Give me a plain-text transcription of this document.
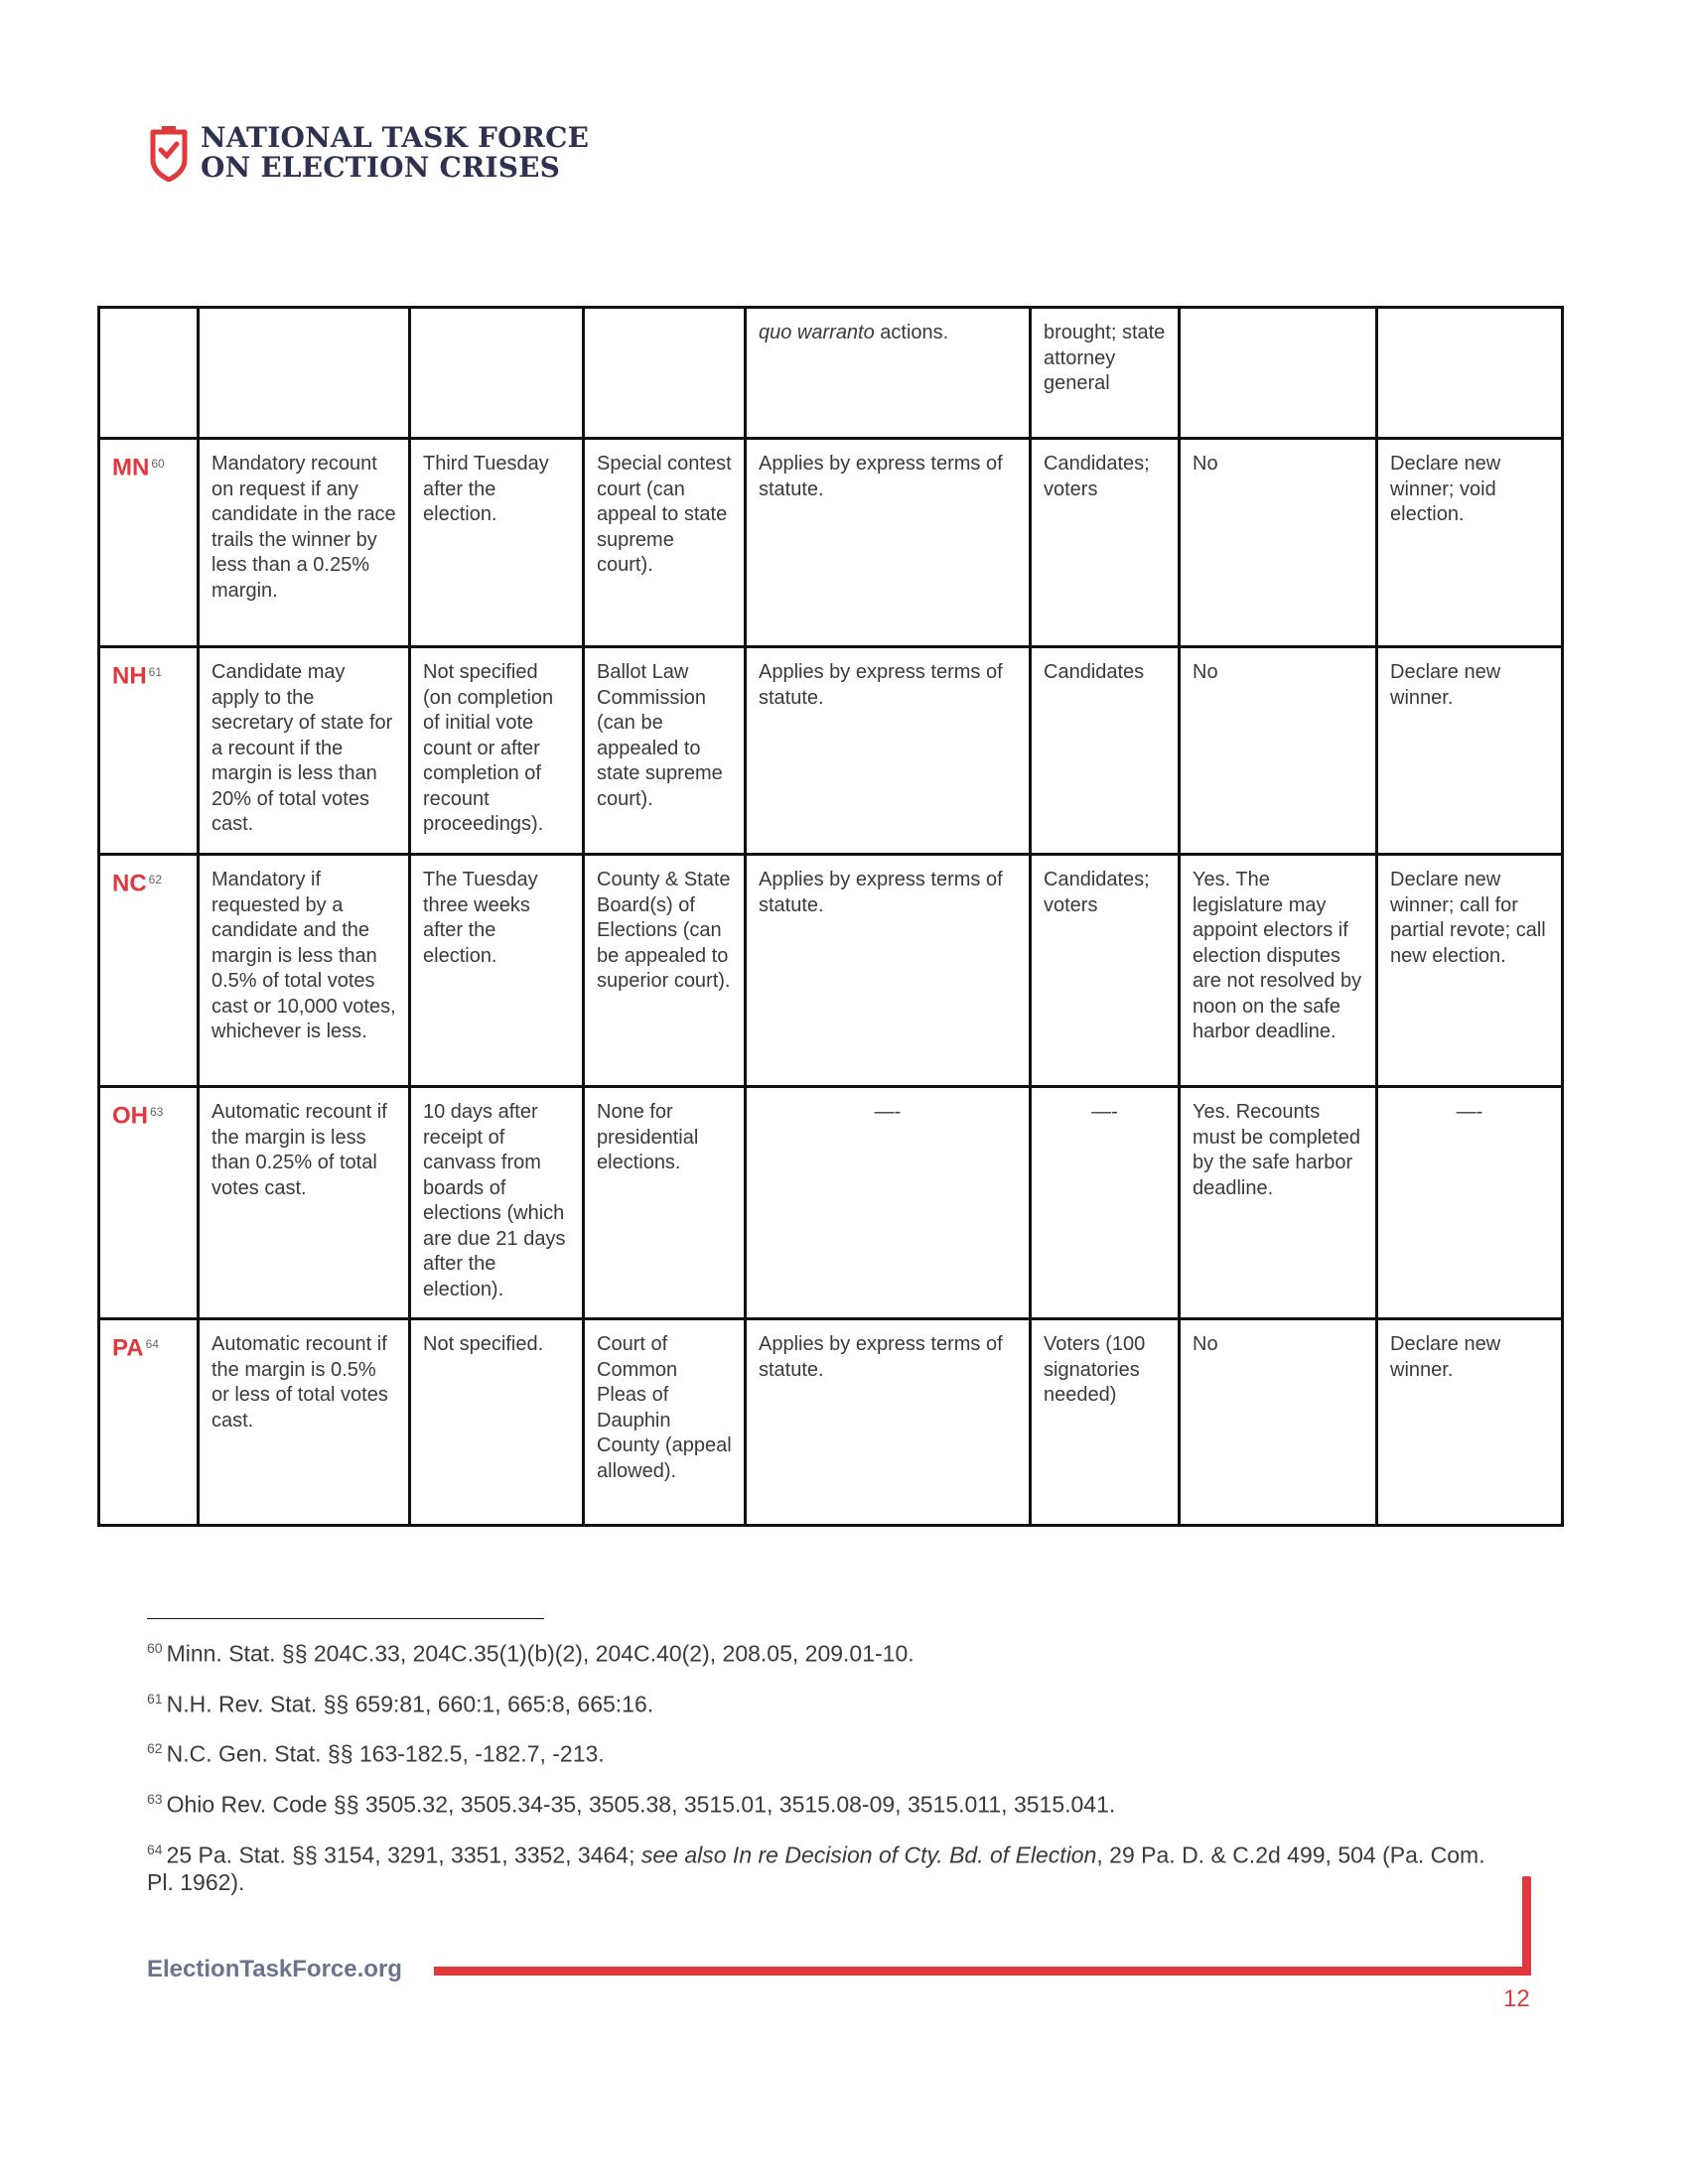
NATIONAL TASK FORCE
ON ELECTION CRISES
				quo warranto actions.	brought; state attorney general		
MN $^{60}$	Mandatory recount on request if any candidate in the race trails the winner by less than a 0.25% margin.	Third Tuesday after the election.	Special contest court (can appeal to state supreme court).	Applies by express terms of statute.	Candidates; voters	No	Declare new winner; void election.
NH $^{61}$	Candidate may apply to the secretary of state for a recount if the margin is less than 20% of total votes cast.	Not specified (on completion of initial vote count or after completion of recount proceedings).	Ballot Law Commission (can be appealed to state supreme court).	Applies by express terms of statute.	Candidates	No	Declare new winner.
NC $^{62}$	Mandatory if requested by a candidate and the margin is less than 0.5% of total votes cast or 10,000 votes, whichever is less.	The Tuesday three weeks after the election.	County & State Board(s) of Elections (can be appealed to superior court).	Applies by express terms of statute.	Candidates; voters	Yes. The legislature may appoint electors if election disputes are not resolved by noon on the safe harbor deadline.	Declare new winner; call for partial revote; call new election.
OH $^{63}$	Automatic recount if the margin is less than 0.25% of total votes cast.	10 days after receipt of canvass from boards of elections (which are due 21 days after the election).	None for presidential elections.	—-	—-	Yes. Recounts must be completed by the safe harbor deadline.	—-
PA $^{64}$	Automatic recount if the margin is 0.5% or less of total votes cast.	Not specified.	Court of Common Pleas of Dauphin County (appeal allowed).	Applies by express terms of statute.	Voters (100 signatories needed)	No	Declare new winner.
$^{60}$ Minn. Stat. §§ 204C.33, 204C.35(1)(b)(2), 204C.40(2), 208.05, 209.01-10.
$^{61}$ N.H. Rev. Stat. §§ 659:81, 660:1, 665:8, 665:16.
$^{62}$ N.C. Gen. Stat. §§ 163-182.5, -182.7, -213.
$^{63}$ Ohio Rev. Code §§ 3505.32, 3505.34-35, 3505.38, 3515.01, 3515.08-09, 3515.011, 3515.041.
$^{64}$ 25 Pa. Stat. §§ 3154, 3291, 3351, 3352, 3464; see also In re Decision of Cty. Bd. of Election, 29 Pa. D. & C.2d 499, 504 (Pa. Com. Pl. 1962).
ElectionTaskForce.org
12
